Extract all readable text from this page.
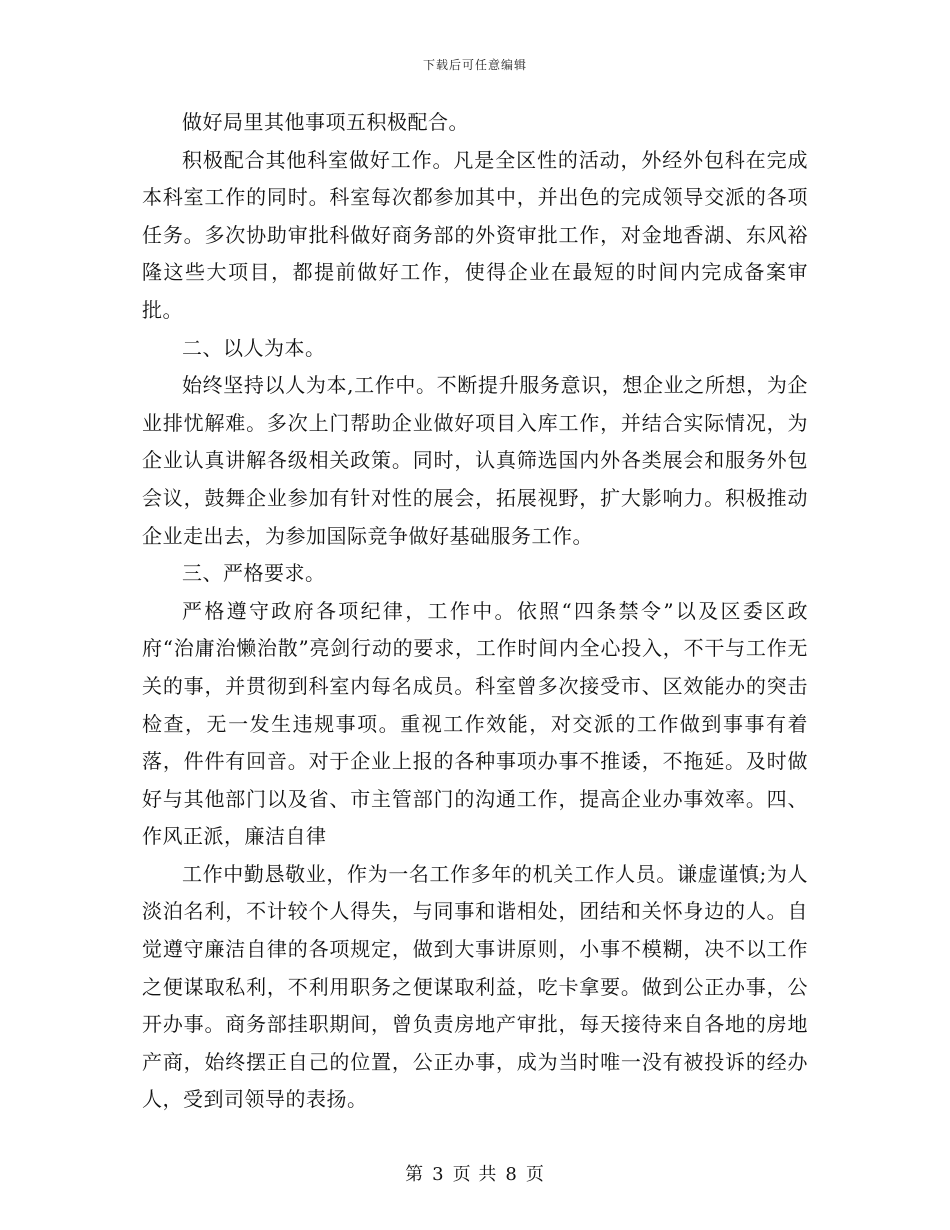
下载后可任意编辑

做好局里其他事项五积极配合。

积极配合其他科室做好工作。凡是全区性的活动，外经外包科在完成本科室工作的同时。科室每次都参加其中，并出色的完成领导交派的各项任务。多次协助审批科做好商务部的外资审批工作，对金地香湖、东风裕隆这些大项目，都提前做好工作，使得企业在最短的时间内完成备案审批。

二、以人为本。

始终坚持以人为本,工作中。不断提升服务意识，想企业之所想，为企业排忧解难。多次上门帮助企业做好项目入库工作，并结合实际情况，为企业认真讲解各级相关政策。同时，认真筛选国内外各类展会和服务外包会议，鼓舞企业参加有针对性的展会，拓展视野，扩大影响力。积极推动企业走出去，为参加国际竞争做好基础服务工作。

三、严格要求。

严格遵守政府各项纪律，工作中。依照“四条禁令”以及区委区政府“治庸治懒治散”亮剑行动的要求，工作时间内全心投入，不干与工作无关的事，并贯彻到科室内每名成员。科室曾多次接受市、区效能办的突击检查，无一发生违规事项。重视工作效能，对交派的工作做到事事有着落，件件有回音。对于企业上报的各种事项办事不推诿，不拖延。及时做好与其他部门以及省、市主管部门的沟通工作，提高企业办事效率。四、作风正派，廉洁自律

工作中勤恳敬业，作为一名工作多年的机关工作人员。谦虚谨慎;为人淡泊名利，不计较个人得失，与同事和谐相处，团结和关怀身边的人。自觉遵守廉洁自律的各项规定，做到大事讲原则，小事不模糊，决不以工作之便谋取私利，不利用职务之便谋取利益，吃卡拿要。做到公正办事，公开办事。商务部挂职期间，曾负责房地产审批，每天接待来自各地的房地产商，始终摆正自己的位置，公正办事，成为当时唯一没有被投诉的经办人，受到司领导的表扬。

第 3 页 共 8 页
